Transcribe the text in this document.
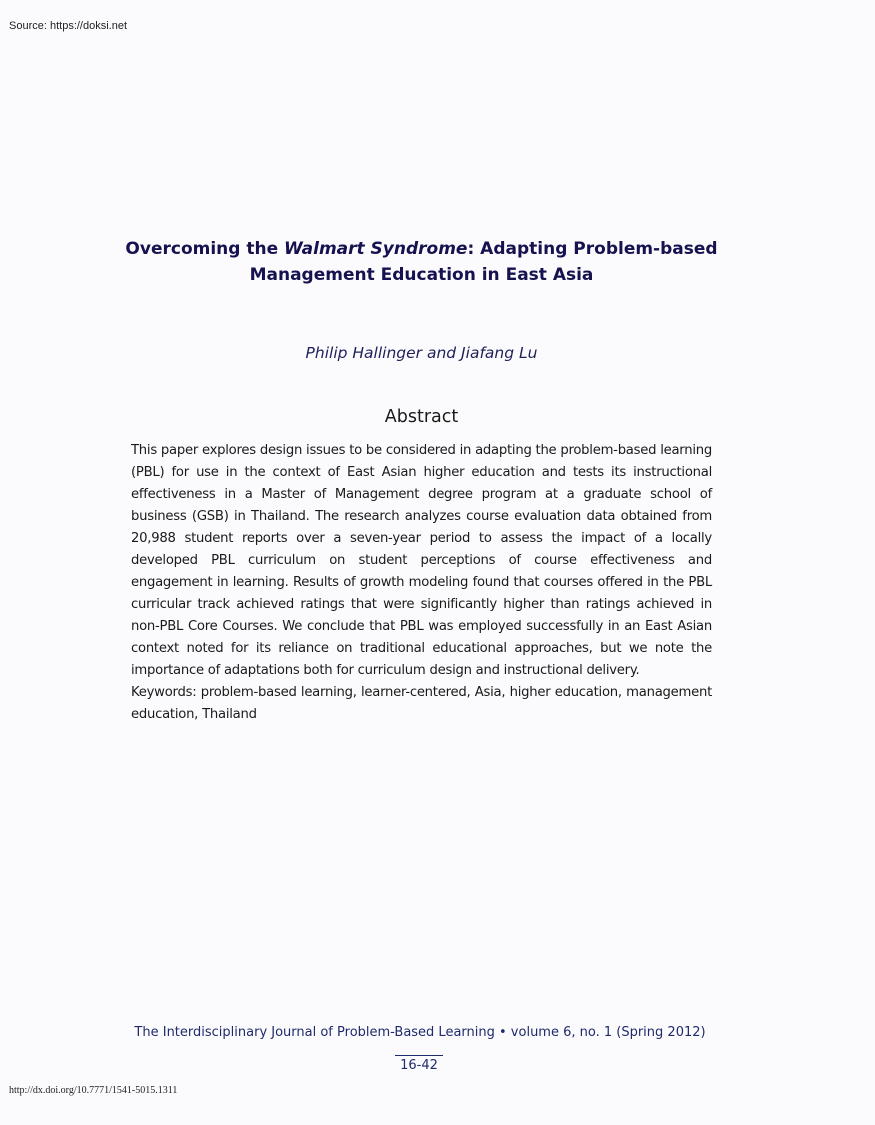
Source: https://doksi.net
Overcoming the Walmart Syndrome: Adapting Problem-based
Management Education in East Asia
Philip Hallinger and Jiafang Lu
Abstract

This paper explores design issues to be considered in adapting the problem-based learning (PBL) for use in the context of East Asian higher education and tests its instructional effectiveness in a Master of Management degree program at a graduate school of business (GSB) in Thailand. The research analyzes course evaluation data obtained from 20,988 student reports over a seven-year period to assess the impact of a locally developed PBL curriculum on student perceptions of course effectiveness and engagement in learning. Results of growth modeling found that courses offered in the PBL curricular track achieved ratings that were significantly higher than ratings achieved in non-PBL Core Courses. We conclude that PBL was employed successfully in an East Asian context noted for its reliance on traditional educational approaches, but we note the importance of adaptations both for curriculum design and instructional delivery.

Keywords: problem-based learning, learner-centered, Asia, higher education, management education, Thailand

The Interdisciplinary Journal of Problem-Based Learning • volume 6, no. 1 (Spring 2012)
16-42
http://dx.doi.org/10.7771/1541-5015.1311
